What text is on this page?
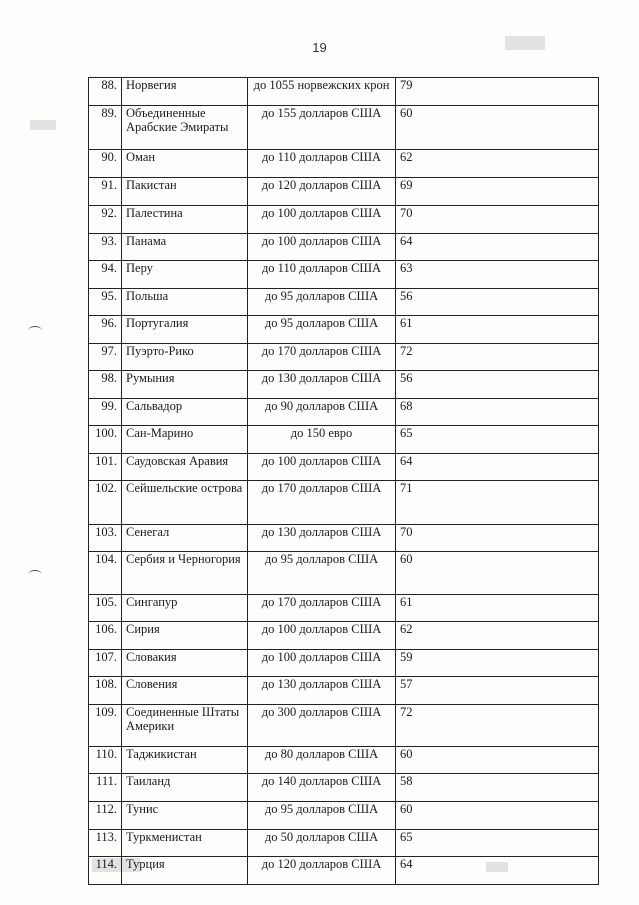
19
88.	Норвегия	до 1055 норвежских крон	79
89.	Объединенные Арабские Эмираты	до 155 долларов США	60
90.	Оман	до 110 долларов США	62
91.	Пакистан	до 120 долларов США	69
92.	Палестина	до 100 долларов США	70
93.	Панама	до 100 долларов США	64
94.	Перу	до 110 долларов США	63
95.	Польша	до 95 долларов США	56
96.	Португалия	до 95 долларов США	61
97.	Пуэрто-Рико	до 170 долларов США	72
98.	Румыния	до 130 долларов США	56
99.	Сальвадор	до 90 долларов США	68
100.	Сан-Марино	до 150 евро	65
101.	Саудовская Аравия	до 100 долларов США	64
102.	Сейшельские острова	до 170 долларов США	71
103.	Сенегал	до 130 долларов США	70
104.	Сербия и Черногория	до 95 долларов США	60
105.	Сингапур	до 170 долларов США	61
106.	Сирия	до 100 долларов США	62
107.	Словакия	до 100 долларов США	59
108.	Словения	до 130 долларов США	57
109.	Соединенные Штаты Америки	до 300 долларов США	72
110.	Таджикистан	до 80 долларов США	60
111.	Таиланд	до 140 долларов США	58
112.	Тунис	до 95 долларов США	60
113.	Туркменистан	до 50 долларов США	65
114.	Турция	до 120 долларов США	64
